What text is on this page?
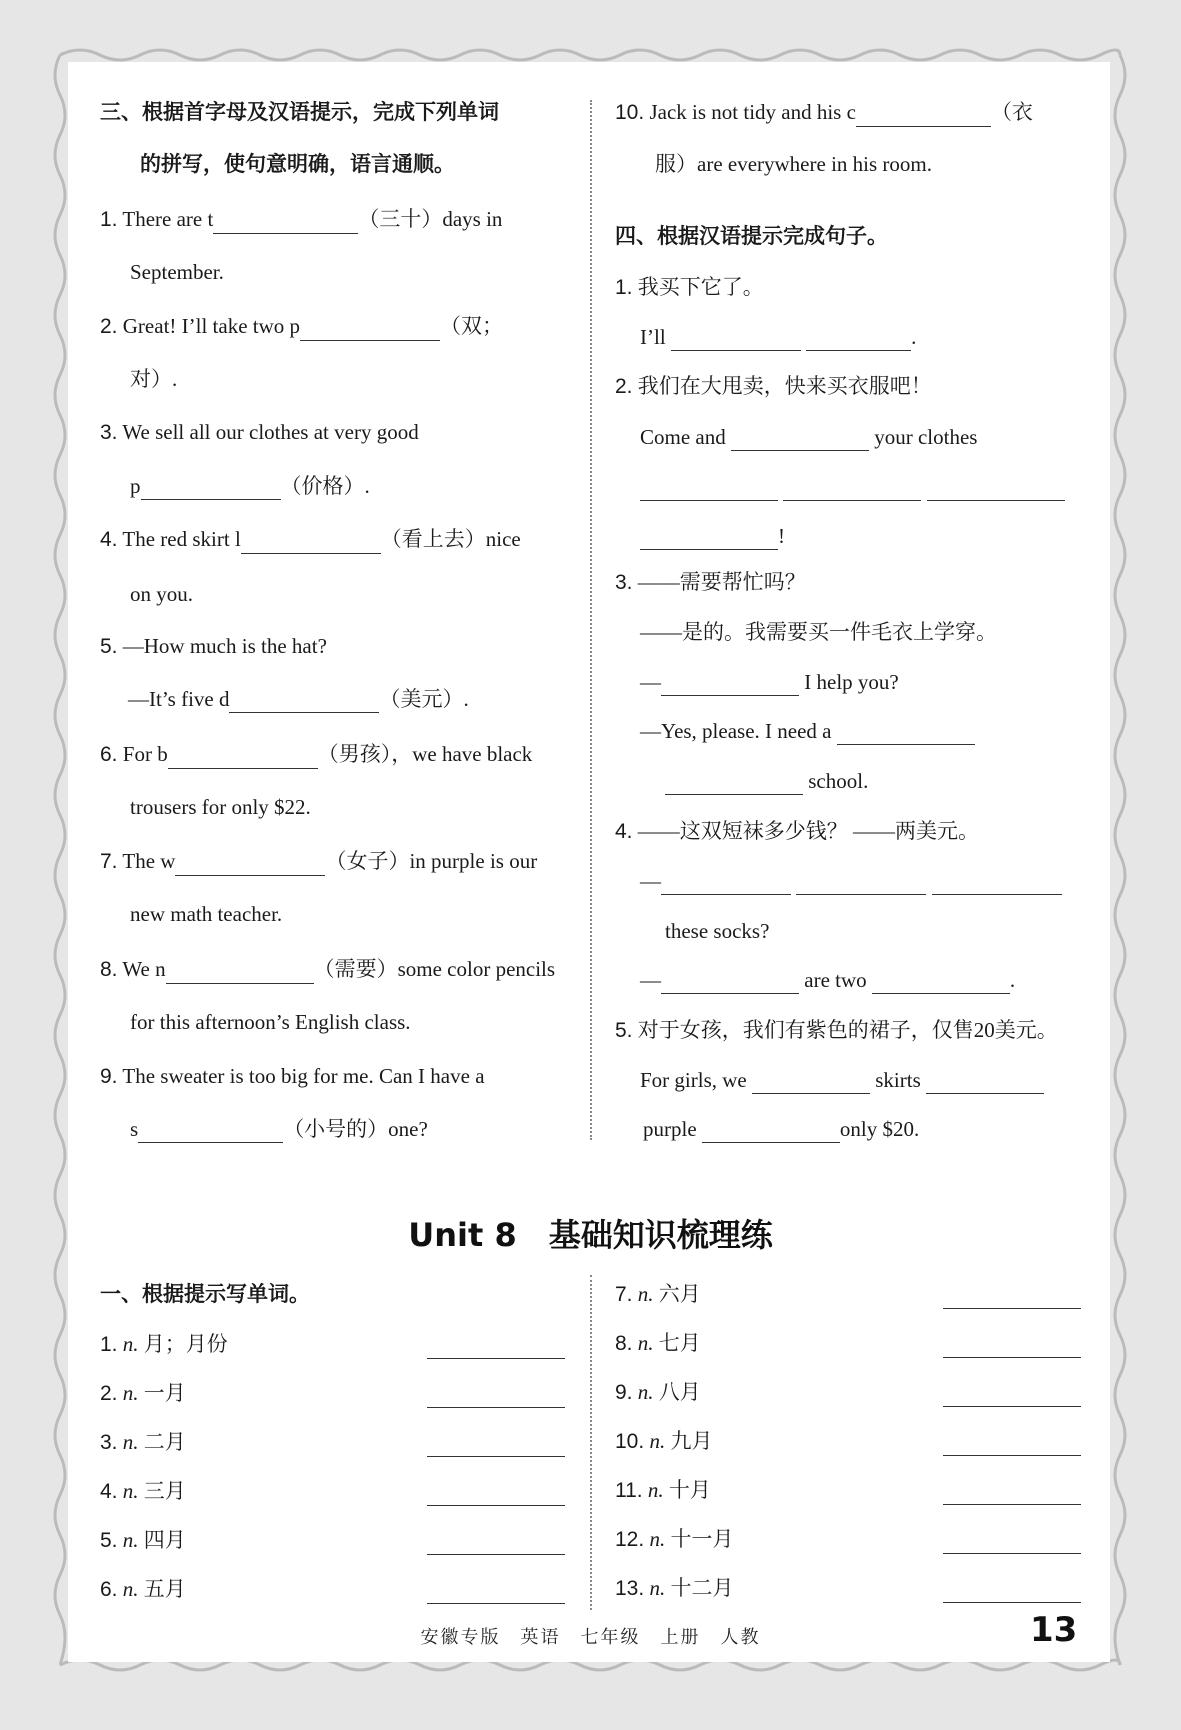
三、根据首字母及汉语提示，完成下列单词
的拼写，使句意明确，语言通顺。
1. There are t	（三十）days in
September.
2. Great! I’ll take two p	（双；
对）.
3. We sell all our clothes at very good
p	（价格）.
4. The red skirt l	（看上去）nice
on you.
5. —How much is the hat?
—It’s five d	（美元）.
6. For b	（男孩），we have black
trousers for only $22.
7. The w	（女子）in purple is our
new math teacher.
8. We n	（需要）some color pencils
for this afternoon’s English class.
9. The sweater is too big for me. Can I have a
s	（小号的）one?
10. Jack is not tidy and his c	（衣
服）are everywhere in his room.
四、根据汉语提示完成句子。
1. 我买下它了。
I’ll	.
2. 我们在大甩卖，快来买衣服吧！
Come and	your clothes

!
3. ——需要帮忙吗？
——是的。我需要买一件毛衣上学穿。
—	I help you?
—Yes, please. I need a
school.
4. ——这双短袜多少钱？ ——两美元。
—
these socks?
—	are two	.
5. 对于女孩，我们有紫色的裙子，仅售20美元。
For girls, we	skirts
purple	only $20.
Unit 8　基础知识梳理练
一、根据提示写单词。
1. n. 月；月份
2. n. 一月
3. n. 二月
4. n. 三月
5. n. 四月
6. n. 五月
7. n. 六月
8. n. 七月
9. n. 八月
10. n. 九月
11. n. 十月
12. n. 十一月
13. n. 十二月
安徽专版　英语　七年级　上册　人教	13
